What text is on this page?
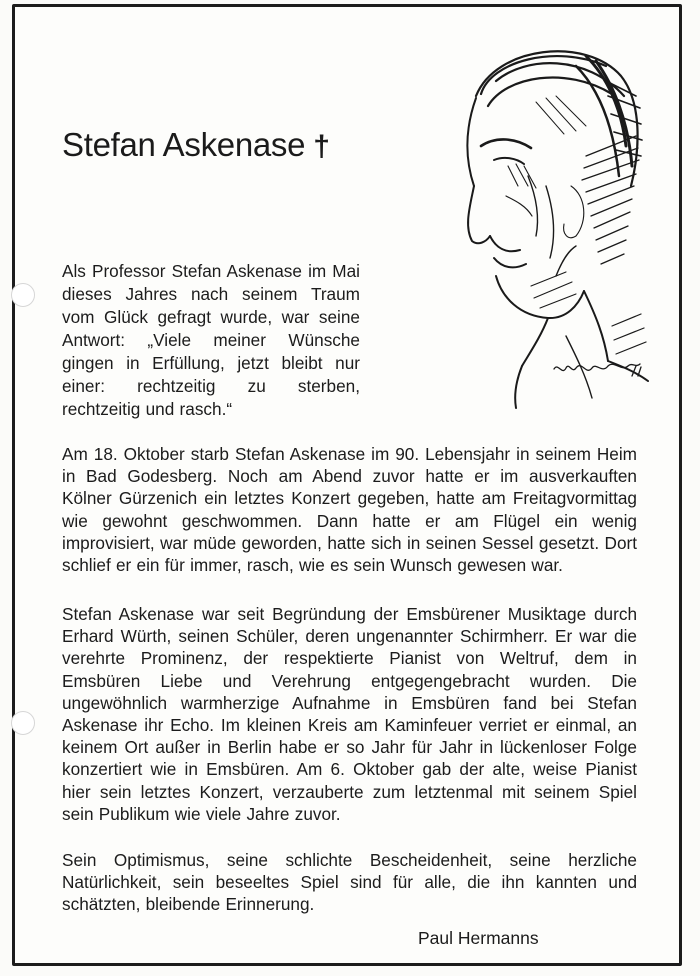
Stefan Askenase †

Als Professor Stefan Askenase im Mai dieses Jahres nach seinem Traum vom Glück gefragt wurde, war seine Antwort: „Viele meiner Wünsche gingen in Erfüllung, jetzt bleibt nur einer: rechtzeitig zu sterben, rechtzeitig und rasch.“

Am 18. Oktober starb Stefan Askenase im 90. Lebensjahr in seinem Heim in Bad Godesberg. Noch am Abend zuvor hatte er im ausverkauften Kölner Gürzenich ein letztes Konzert gegeben, hatte am Freitagvormittag wie gewohnt geschwommen. Dann hatte er am Flügel ein wenig improvisiert, war müde geworden, hatte sich in seinen Sessel gesetzt. Dort schlief er ein für immer, rasch, wie es sein Wunsch gewesen war.

Stefan Askenase war seit Begründung der Emsbürener Musiktage durch Erhard Würth, seinen Schüler, deren ungenannter Schirmherr. Er war die verehrte Prominenz, der respektierte Pianist von Weltruf, dem in Emsbüren Liebe und Verehrung entgegengebracht wurden. Die ungewöhnlich warmherzige Aufnahme in Emsbüren fand bei Stefan Askenase ihr Echo. Im kleinen Kreis am Kaminfeuer verriet er einmal, an keinem Ort außer in Berlin habe er so Jahr für Jahr in lückenloser Folge konzertiert wie in Emsbüren. Am 6. Oktober gab der alte, weise Pianist hier sein letztes Konzert, verzauberte zum letztenmal mit seinem Spiel sein Publikum wie viele Jahre zuvor.

Sein Optimismus, seine schlichte Bescheidenheit, seine herzliche Natürlichkeit, sein beseeltes Spiel sind für alle, die ihn kannten und schätzten, bleibende Erinnerung.

Paul Hermanns
